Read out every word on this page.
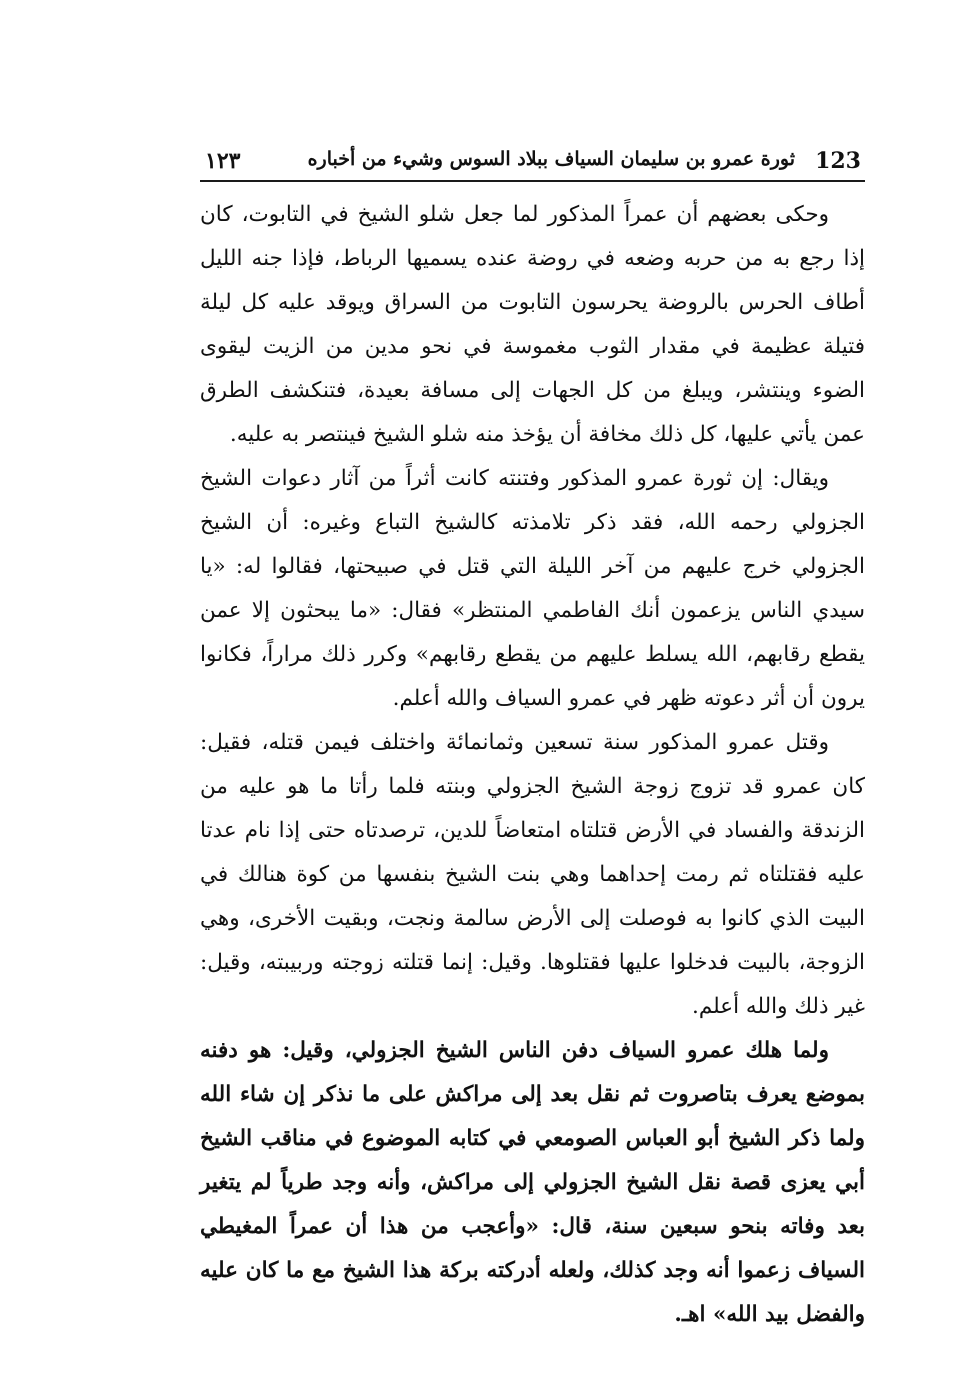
١٢٣	ثورة عمرو بن سليمان السياف ببلاد السوس وشيء من أخباره 123

وحكى بعضهم أن عمراً المذكور لما جعل شلو الشيخ في التابوت، كان إذا رجع به من حربه وضعه في روضة عنده يسميها الرباط، فإذا جنه الليل أطاف الحرس بالروضة يحرسون التابوت من السراق ويوقد عليه كل ليلة فتيلة عظيمة في مقدار الثوب مغموسة في نحو مدين من الزيت ليقوى الضوء وينتشر، ويبلغ من كل الجهات إلى مسافة بعيدة، فتنكشف الطرق عمن يأتي عليها، كل ذلك مخافة أن يؤخذ منه شلو الشيخ فينتصر به عليه.

ويقال: إن ثورة عمرو المذكور وفتنته كانت أثراً من آثار دعوات الشيخ الجزولي رحمه الله، فقد ذكر تلامذته كالشيخ التباع وغيره: أن الشيخ الجزولي خرج عليهم من آخر الليلة التي قتل في صبيحتها، فقالوا له: «يا سيدي الناس يزعمون أنك الفاطمي المنتظر» فقال: «ما يبحثون إلا عمن يقطع رقابهم، الله يسلط عليهم من يقطع رقابهم» وكرر ذلك مراراً، فكانوا يرون أن أثر دعوته ظهر في عمرو السياف والله أعلم.

وقتل عمرو المذكور سنة تسعين وثمانمائة واختلف فيمن قتله، فقيل: كان عمرو قد تزوج زوجة الشيخ الجزولي وبنته فلما رأتا ما هو عليه من الزندقة والفساد في الأرض قتلتاه امتعاضاً للدين، ترصدتاه حتى إذا نام عدتا عليه فقتلتاه ثم رمت إحداهما وهي بنت الشيخ بنفسها من كوة هنالك في البيت الذي كانوا به فوصلت إلى الأرض سالمة ونجت، وبقيت الأخرى، وهي الزوجة، بالبيت فدخلوا عليها فقتلوها. وقيل: إنما قتلته زوجته وربيبته، وقيل: غير ذلك والله أعلم.

ولما هلك عمرو السياف دفن الناس الشيخ الجزولي، وقيل: هو دفنه بموضع يعرف بتاصروت ثم نقل بعد إلى مراكش على ما نذكر إن شاء الله ولما ذكر الشيخ أبو العباس الصومعي في كتابه الموضوع في مناقب الشيخ أبي يعزى قصة نقل الشيخ الجزولي إلى مراكش، وأنه وجد طرياً لم يتغير بعد وفاته بنحو سبعين سنة، قال: «وأعجب من هذا أن عمراً المغيطي السياف زعموا أنه وجد كذلك، ولعله أدركته بركة هذا الشيخ مع ما كان عليه والفضل بيد الله» اهـ.
